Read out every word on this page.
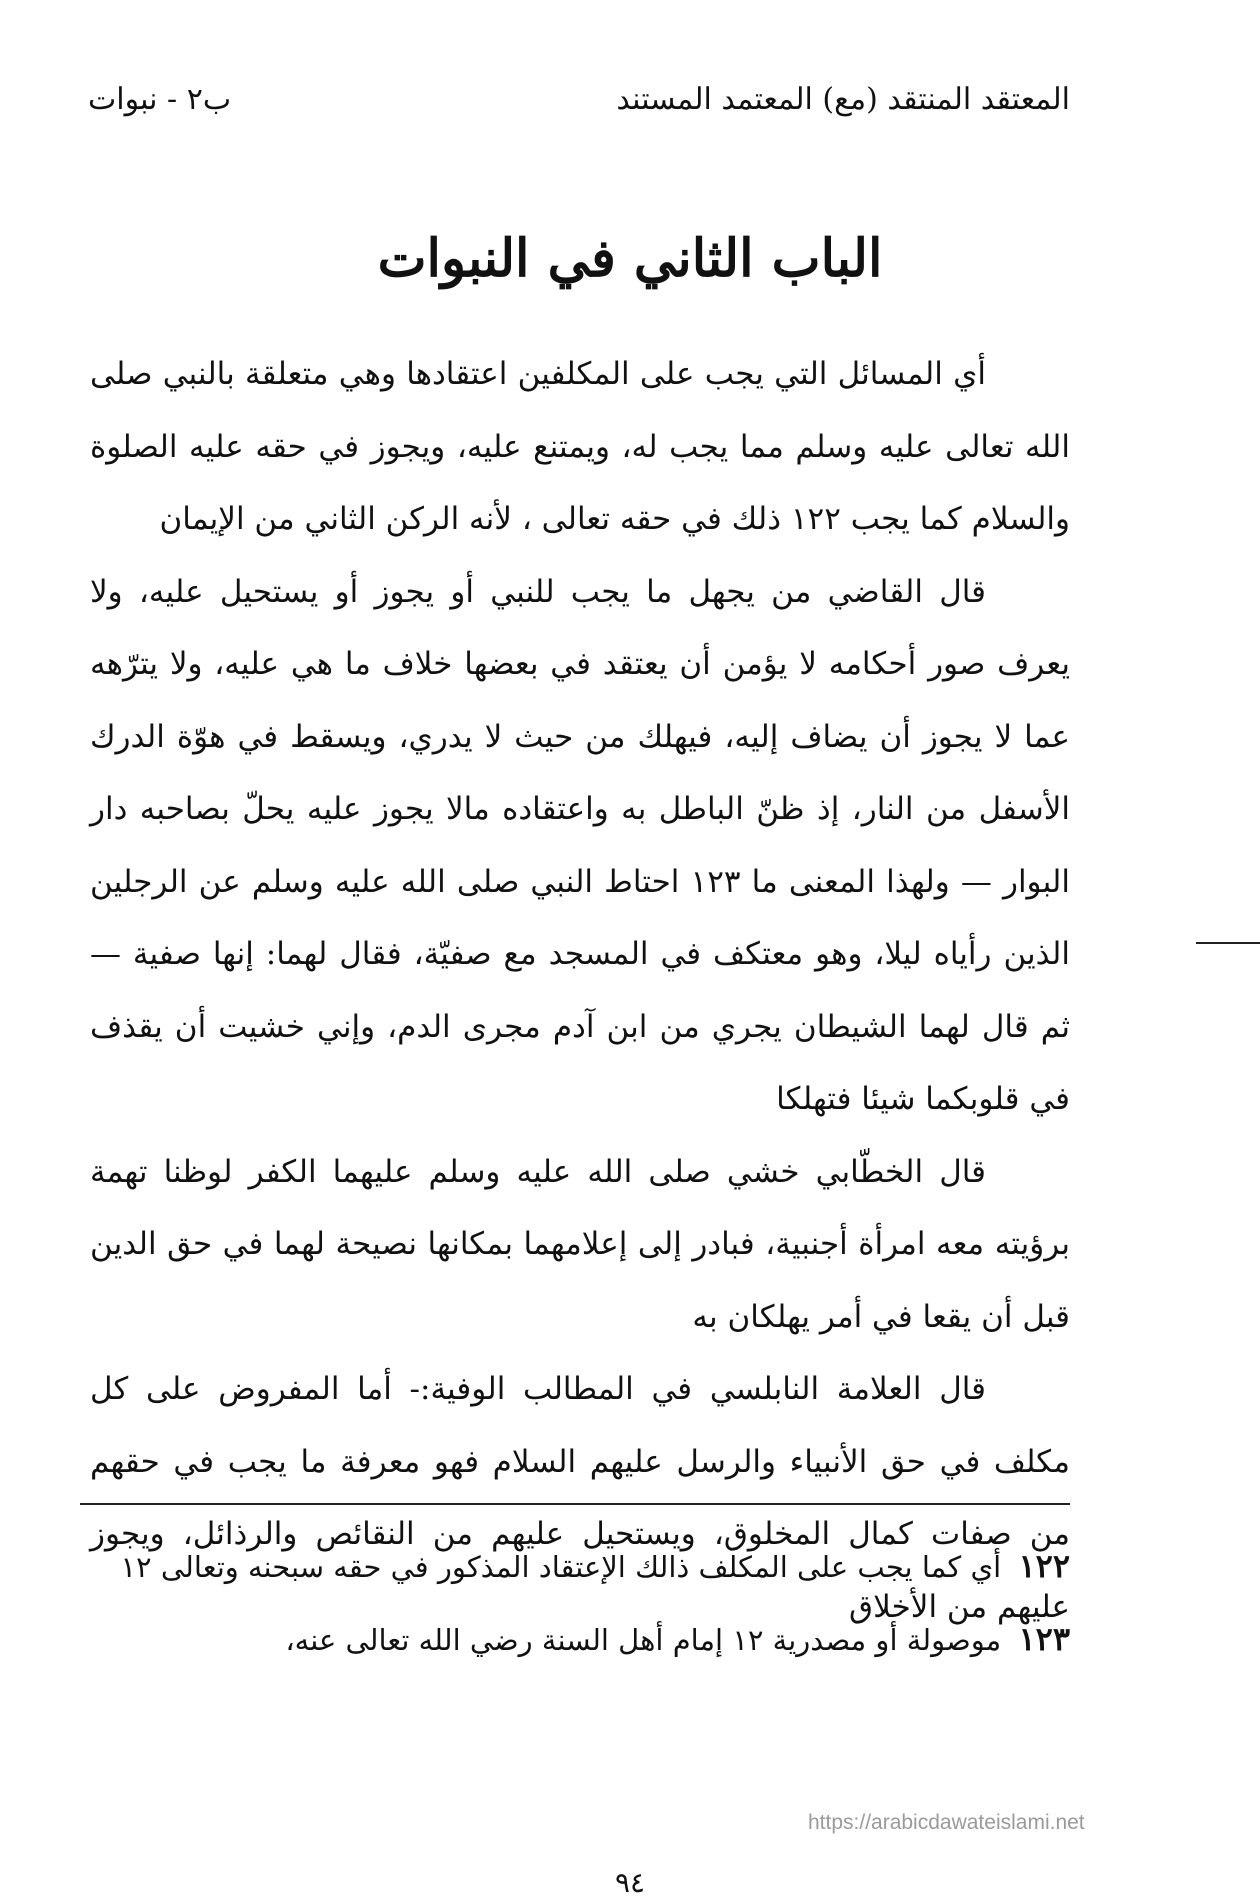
المعتقد المنتقد (مع) المعتمد المستند
ب٢ - نبوات
الباب الثاني في النبوات

أي المسائل التي يجب على المكلفين اعتقادها وهي متعلقة بالنبي صلى الله تعالى عليه وسلم مما يجب له، ويمتنع عليه، ويجوز في حقه عليه الصلوة والسلام كما يجب ١٢٢ ذلك في حقه تعالى ، لأنه الركن الثاني من الإيمان

قال القاضي من يجهل ما يجب للنبي أو يجوز أو يستحيل عليه، ولا يعرف صور أحكامه لا يؤمن أن يعتقد في بعضها خلاف ما هي عليه، ولا يترّهه عما لا يجوز أن يضاف إليه، فيهلك من حيث لا يدري، ويسقط في هوّة الدرك الأسفل من النار، إذ ظنّ الباطل به واعتقاده مالا يجوز عليه يحلّ بصاحبه دار البوار — ولهذا المعنى ما ١٢٣ احتاط النبي صلى الله عليه وسلم عن الرجلين الذين رأياه ليلا، وهو معتكف في المسجد مع صفيّة، فقال لهما: إنها صفية — ثم قال لهما الشيطان يجري من ابن آدم مجرى الدم، وإني خشيت أن يقذف في قلوبكما شيئا فتهلكا

قال الخطّابي خشي صلى الله عليه وسلم عليهما الكفر لوظنا تهمة برؤيته معه امرأة أجنبية، فبادر إلى إعلامهما بمكانها نصيحة لهما في حق الدين قبل أن يقعا في أمر يهلكان به

قال العلامة النابلسي في المطالب الوفية:- أما المفروض على كل مكلف في حق الأنبياء والرسل عليهم السلام فهو معرفة ما يجب في حقهم من صفات كمال المخلوق، ويستحيل عليهم من النقائص والرذائل، ويجوز عليهم من الأخلاق

١٢٢ أي كما يجب على المكلف ذالك الإعتقاد المذكور في حقه سبحنه وتعالى ١٢
١٢٣ موصولة أو مصدرية ١٢ إمام أهل السنة رضي الله تعالى عنه،
https://arabicdawateislami.net
٩٤
